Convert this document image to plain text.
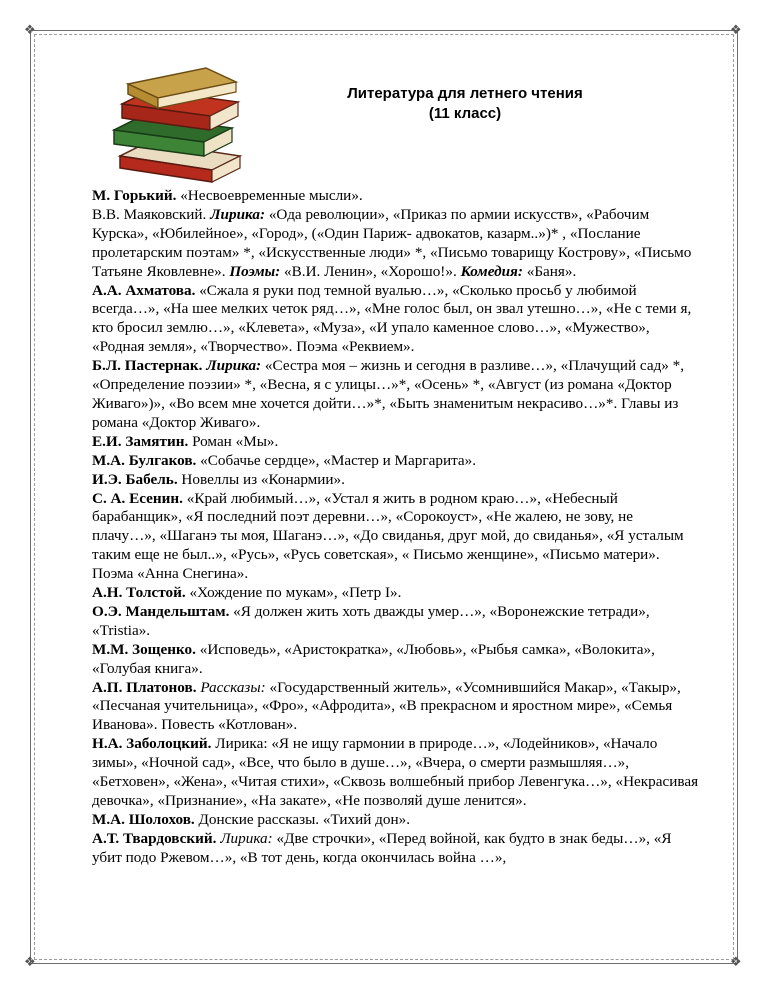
❖	❖
❖	❖
Литература для летнего чтения
(11 класс)

М. Горький. «Несвоевременные мысли».

В.В. Маяковский. Лирика: «Ода революции», «Приказ по армии искусств», «Рабочим Курска», «Юбилейное», «Город», («Один Париж- адвокатов, казарм..»)* , «Послание пролетарским поэтам» *, «Искусственные люди» *, «Письмо товарищу Кострову», «Письмо Татьяне Яковлевне». Поэмы: «В.И. Ленин», «Хорошо!». Комедия: «Баня».

А.А. Ахматова. «Сжала я руки под темной вуалью…», «Сколько просьб у любимой всегда…», «На шее мелких четок ряд…», «Мне голос был, он звал утешно…», «Не с теми я, кто бросил землю…», «Клевета», «Муза», «И упало каменное слово…», «Мужество», «Родная земля», «Творчество». Поэма «Реквием».

Б.Л. Пастернак. Лирика: «Сестра моя – жизнь и сегодня в разливе…», «Плачущий сад» *, «Определение поэзии» *, «Весна, я с улицы…»*, «Осень» *, «Август (из романа «Доктор Живаго»)», «Во всем мне хочется дойти…»*, «Быть знаменитым некрасиво…»*. Главы из романа «Доктор Живаго».

Е.И. Замятин. Роман «Мы».

М.А. Булгаков. «Собачье сердце», «Мастер и Маргарита».

И.Э. Бабель. Новеллы из «Конармии».

С. А. Есенин. «Край любимый…», «Устал я жить в родном краю…», «Небесный барабанщик», «Я последний поэт деревни…», «Сорокоуст», «Не жалею, не зову, не плачу…», «Шаганэ ты моя, Шаганэ…», «До свиданья, друг мой, до свиданья», «Я усталым таким еще не был..», «Русь», «Русь советская», « Письмо женщине», «Письмо матери». Поэма «Анна Снегина».

А.Н. Толстой. «Хождение по мукам», «Петр I».

О.Э. Мандельштам. «Я должен жить хоть дважды умер…», «Воронежские тетради», «Tristia».

М.М. Зощенко. «Исповедь», «Аристократка», «Любовь», «Рыбья самка», «Волокита», «Голубая книга».

А.П. Платонов. Рассказы: «Государственный житель», «Усомнившийся Макар», «Такыр», «Песчаная учительница», «Фро», «Афродита», «В прекрасном и яростном мире», «Семья Иванова». Повесть «Котлован».

Н.А. Заболоцкий. Лирика: «Я не ищу гармонии в природе…», «Лодейников», «Начало зимы», «Ночной сад», «Все, что было в душе…», «Вчера, о смерти размышляя…», «Бетховен», «Жена», «Читая стихи», «Сквозь волшебный прибор Левенгука…», «Некрасивая девочка», «Признание», «На закате», «Не позволяй душе ленится».

М.А. Шолохов. Донские рассказы. «Тихий дон».

А.Т. Твардовский. Лирика: «Две строчки», «Перед войной, как будто в знак беды…», «Я убит подо Ржевом…», «В тот день, когда окончилась война …»,
